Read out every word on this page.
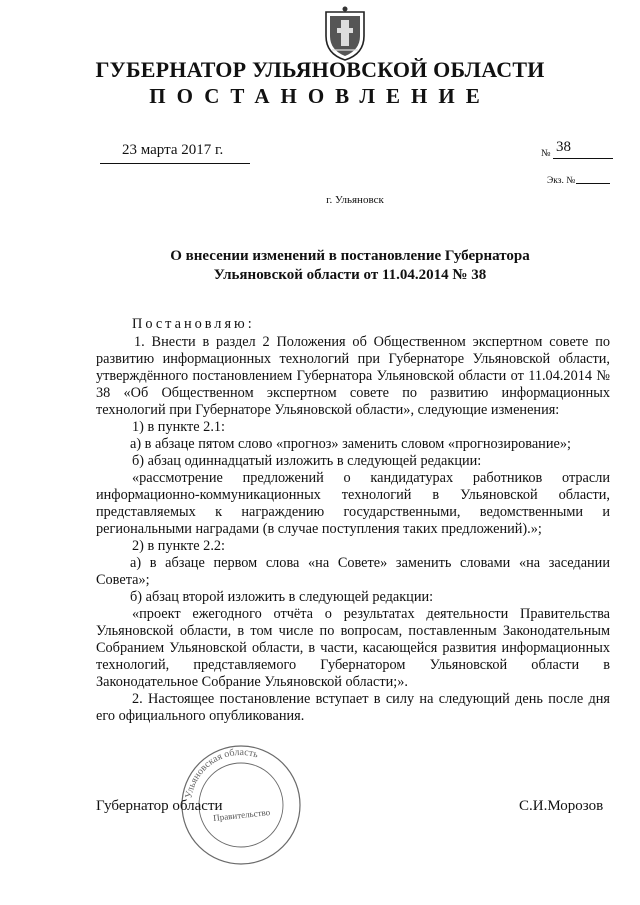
ГУБЕРНАТОР УЛЬЯНОВСКОЙ ОБЛАСТИ
ПОСТАНОВЛЕНИЕ
23 марта 2017 г.	№ 38
Экз. №
г. Ульяновск
О внесении изменений в постановление Губернатора
Ульяновской области от 11.04.2014 № 38

Постановляю:

1. Внести в раздел 2 Положения об Общественном экспертном совете по развитию информационных технологий при Губернаторе Ульяновской области, утверждённого постановлением Губернатора Ульяновской области от 11.04.2014 № 38 «Об Общественном экспертном совете по развитию информационных технологий при Губернаторе Ульяновской области», следующие изменения:

1) в пункте 2.1:

а) в абзаце пятом слово «прогноз» заменить словом «прогнозирование»;

б) абзац одиннадцатый изложить в следующей редакции:

«рассмотрение предложений о кандидатурах работников отрасли информационно-коммуникационных технологий в Ульяновской области, представляемых к награждению государственными, ведомственными и региональными наградами (в случае поступления таких предложений).»;

2) в пункте 2.2:

а) в абзаце первом слова «на Совете» заменить словами «на заседании Совета»;

б) абзац второй изложить в следующей редакции:

«проект ежегодного отчёта о результатах деятельности Правительства Ульяновской области, в том числе по вопросам, поставленным Законодательным Собранием Ульяновской области, в части, касающейся развития информационных технологий, представляемого Губернатором Ульяновской области в Законодательное Собрание Ульяновской области;».

2. Настоящее постановление вступает в силу на следующий день после дня его официального опубликования.

Ульяновская область
Правительство
Губернатор области	С.И.Морозов
